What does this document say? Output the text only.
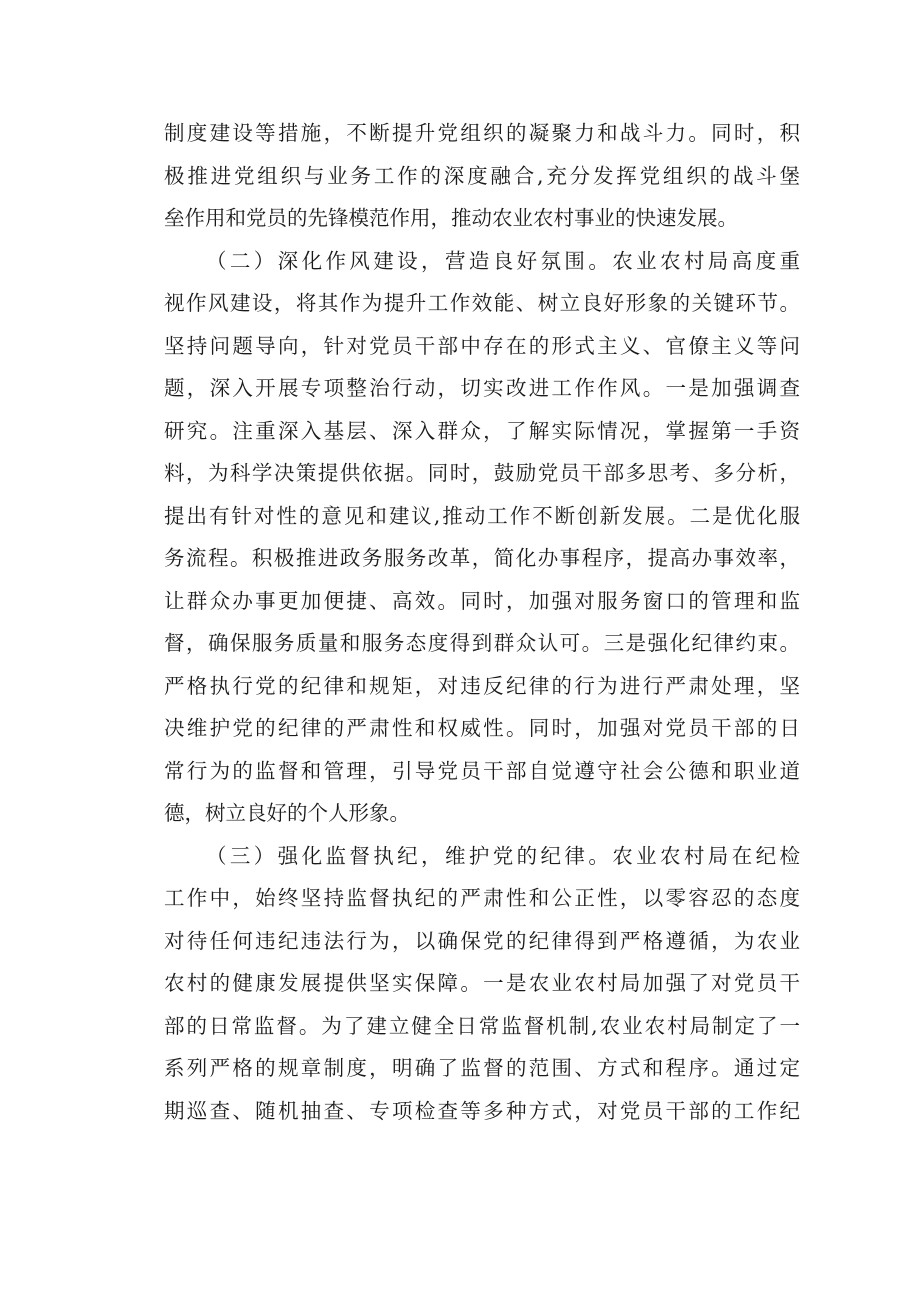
制度建设等措施，不断提升党组织的凝聚力和战斗力。同时，积
极推进党组织与业务工作的深度融合,充分发挥党组织的战斗堡
垒作用和党员的先锋模范作用，推动农业农村事业的快速发展。
（二）深化作风建设，营造良好氛围。农业农村局高度重
视作风建设，将其作为提升工作效能、树立良好形象的关键环节。
坚持问题导向，针对党员干部中存在的形式主义、官僚主义等问
题，深入开展专项整治行动，切实改进工作作风。一是加强调查
研究。注重深入基层、深入群众，了解实际情况，掌握第一手资
料，为科学决策提供依据。同时，鼓励党员干部多思考、多分析，
提出有针对性的意见和建议,推动工作不断创新发展。二是优化服
务流程。积极推进政务服务改革，简化办事程序，提高办事效率，
让群众办事更加便捷、高效。同时，加强对服务窗口的管理和监
督，确保服务质量和服务态度得到群众认可。三是强化纪律约束。
严格执行党的纪律和规矩，对违反纪律的行为进行严肃处理，坚
决维护党的纪律的严肃性和权威性。同时，加强对党员干部的日
常行为的监督和管理，引导党员干部自觉遵守社会公德和职业道
德，树立良好的个人形象。
（三）强化监督执纪，维护党的纪律。农业农村局在纪检
工作中，始终坚持监督执纪的严肃性和公正性，以零容忍的态度
对待任何违纪违法行为，以确保党的纪律得到严格遵循，为农业
农村的健康发展提供坚实保障。一是农业农村局加强了对党员干
部的日常监督。为了建立健全日常监督机制,农业农村局制定了一
系列严格的规章制度，明确了监督的范围、方式和程序。通过定
期巡查、随机抽查、专项检查等多种方式，对党员干部的工作纪
